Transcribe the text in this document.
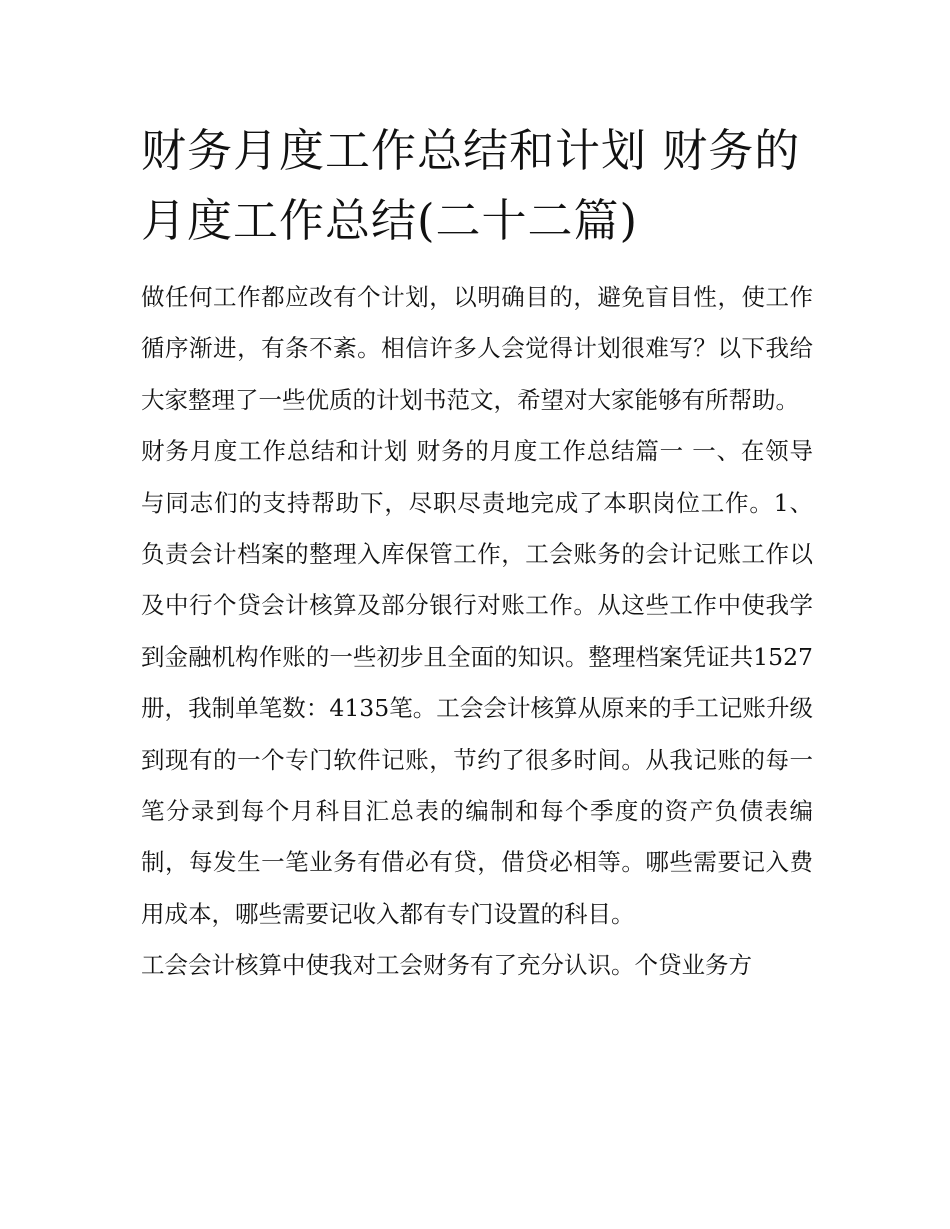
财务月度工作总结和计划 财务的月度工作总结(二十二篇)

做任何工作都应改有个计划，以明确目的，避免盲目性，使工作循序渐进，有条不紊。相信许多人会觉得计划很难写？以下我给大家整理了一些优质的计划书范文，希望对大家能够有所帮助。

财务月度工作总结和计划 财务的月度工作总结篇一 一、在领导与同志们的支持帮助下，尽职尽责地完成了本职岗位工作。1、负责会计档案的整理入库保管工作，工会账务的会计记账工作以及中行个贷会计核算及部分银行对账工作。从这些工作中使我学到金融机构作账的一些初步且全面的知识。整理档案凭证共1527册，我制单笔数：4135笔。工会会计核算从原来的手工记账升级到现有的一个专门软件记账，节约了很多时间。从我记账的每一笔分录到每个月科目汇总表的编制和每个季度的资产负债表编制，每发生一笔业务有借必有贷，借贷必相等。哪些需要记入费用成本，哪些需要记收入都有专门设置的科目。

工会会计核算中使我对工会财务有了充分认识。个贷业务方
